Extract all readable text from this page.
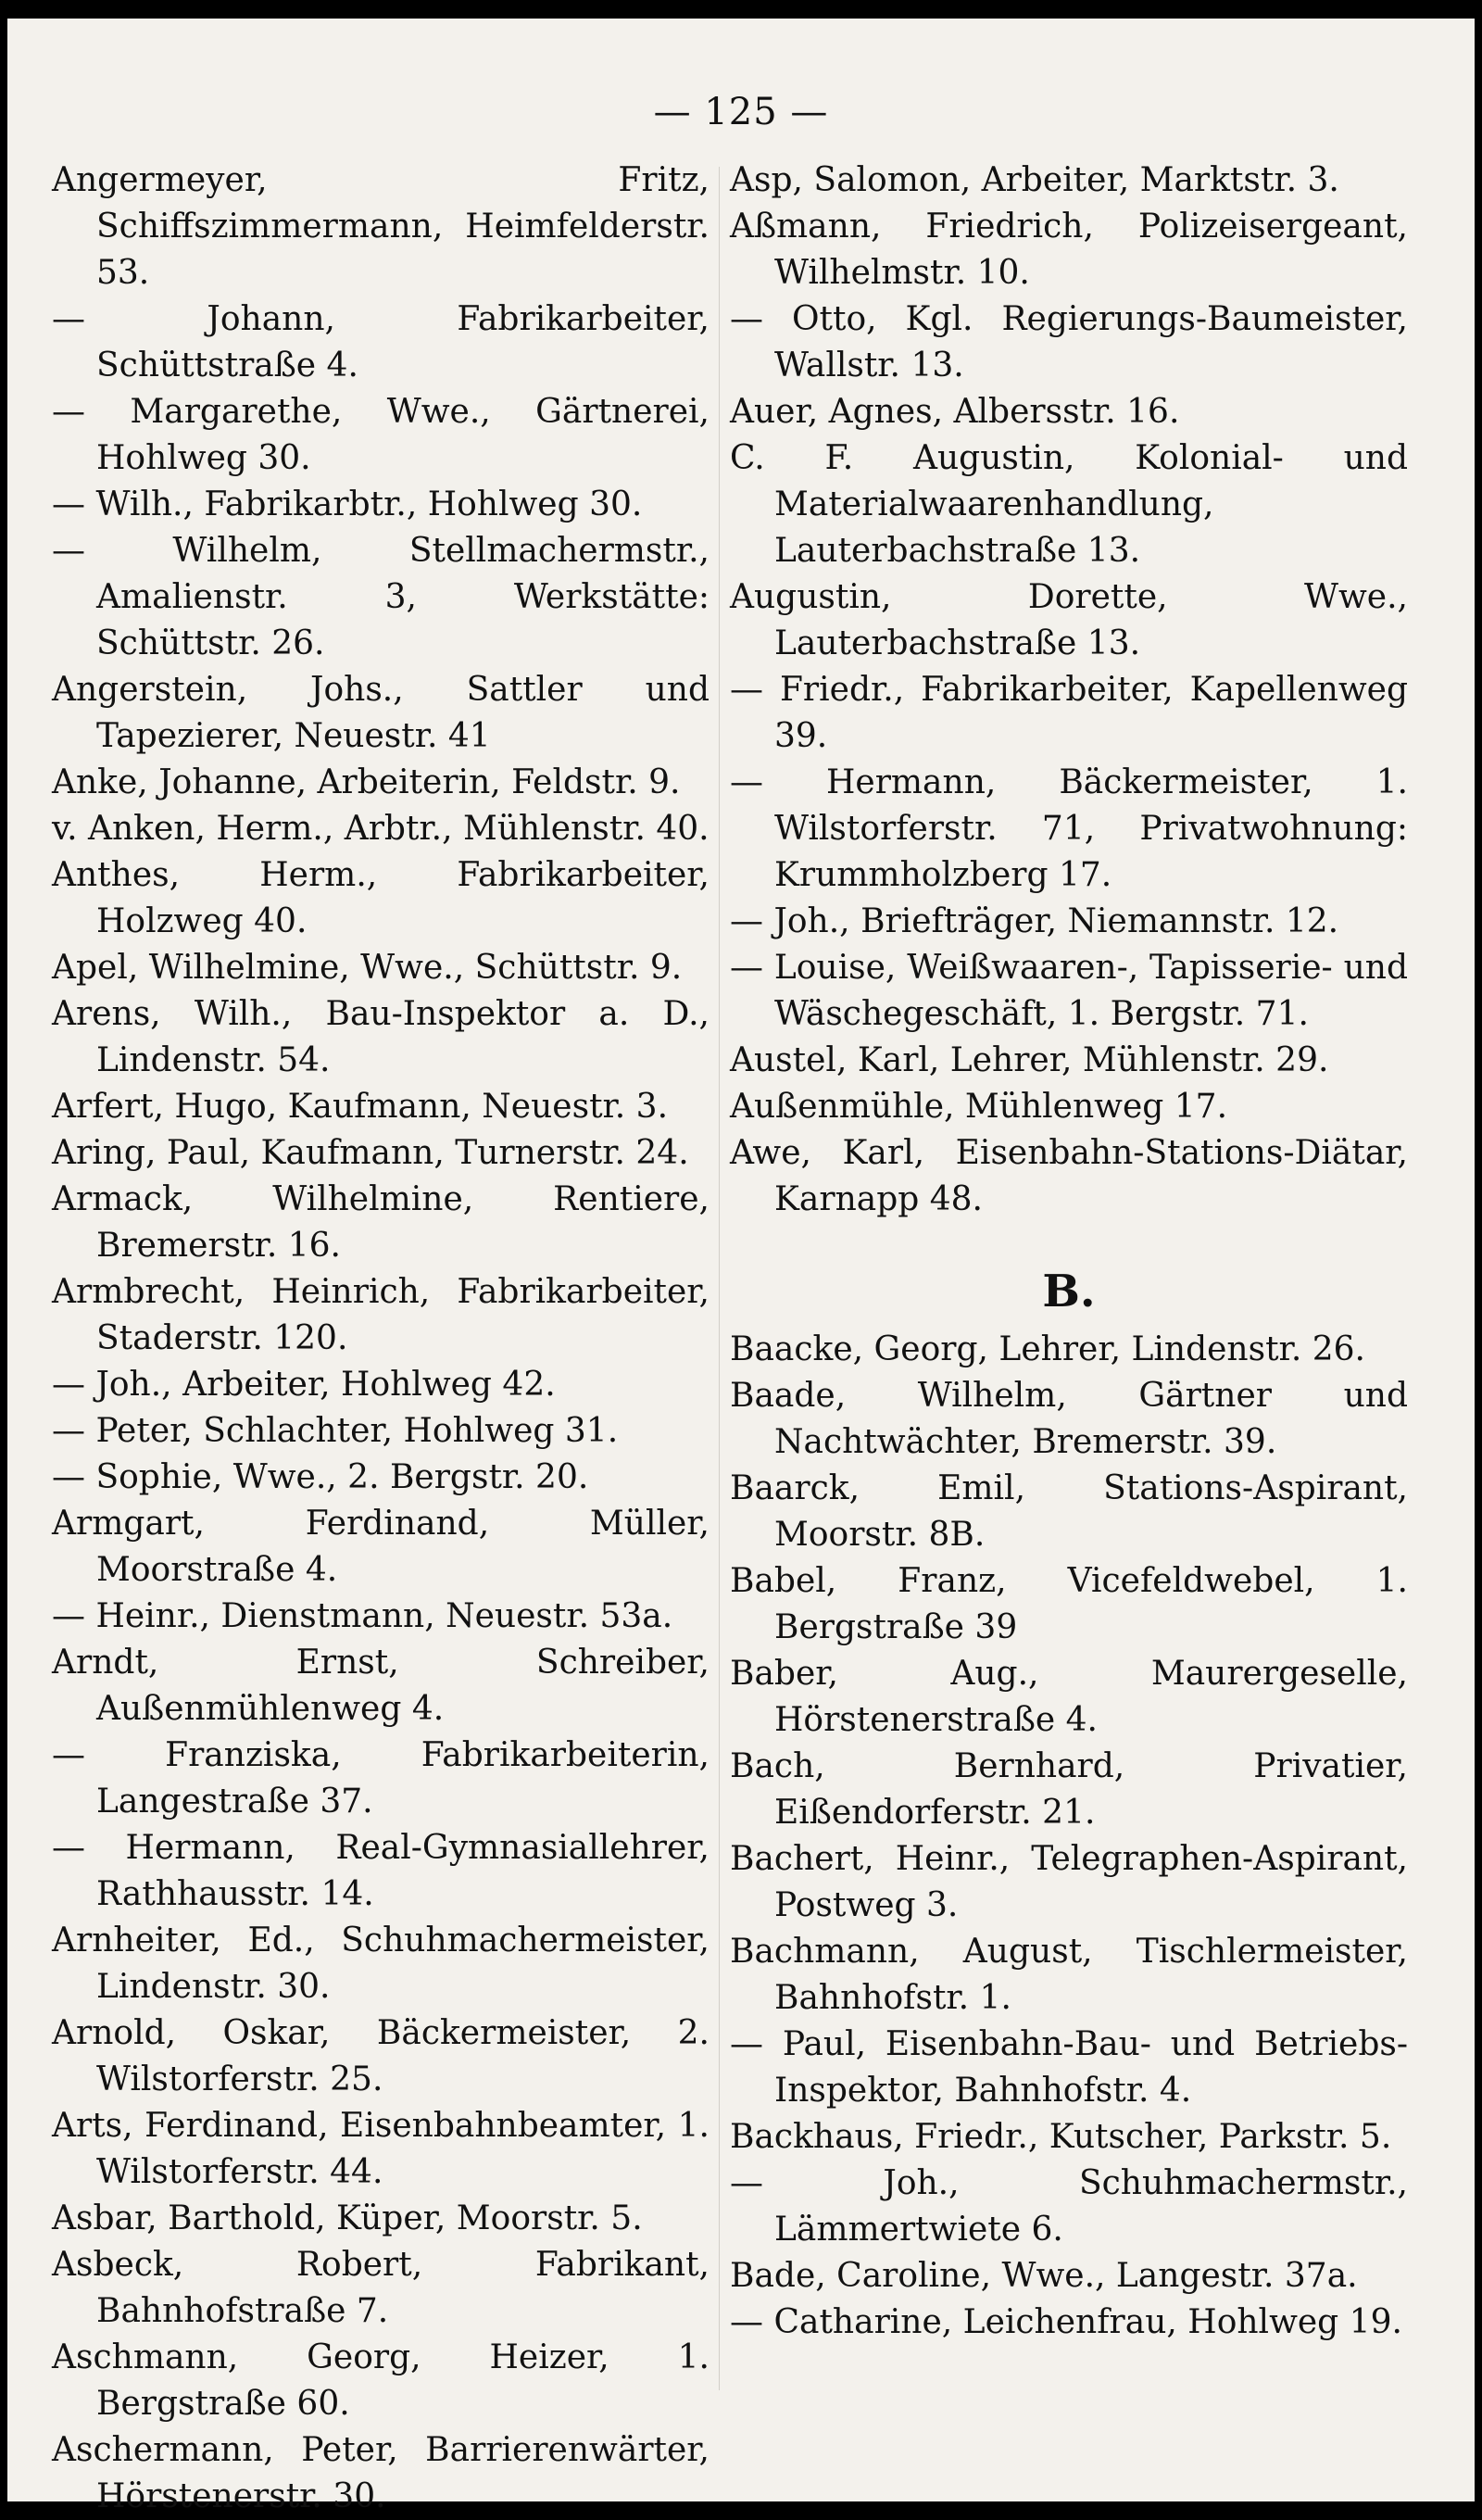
— 125 —
Angermeyer, Fritz, Schiffszimmermann, Heimfelderstr. 53.
— Johann, Fabrikarbeiter, Schüttstraße 4.
— Margarethe, Wwe., Gärtnerei, Hohlweg 30.
— Wilh., Fabrikarbtr., Hohlweg 30.
— Wilhelm, Stellmachermstr., Amalienstr. 3, Werkstätte: Schüttstr. 26.
Angerstein, Johs., Sattler und Tapezierer, Neuestr. 41
Anke, Johanne, Arbeiterin, Feldstr. 9.
v. Anken, Herm., Arbtr., Mühlenstr. 40.
Anthes, Herm., Fabrikarbeiter, Holzweg 40.
Apel, Wilhelmine, Wwe., Schüttstr. 9.
Arens, Wilh., Bau-Inspektor a. D., Lindenstr. 54.
Arfert, Hugo, Kaufmann, Neuestr. 3.
Aring, Paul, Kaufmann, Turnerstr. 24.
Armack, Wilhelmine, Rentiere, Bremerstr. 16.
Armbrecht, Heinrich, Fabrikarbeiter, Staderstr. 120.
— Joh., Arbeiter, Hohlweg 42.
— Peter, Schlachter, Hohlweg 31.
— Sophie, Wwe., 2. Bergstr. 20.
Armgart, Ferdinand, Müller, Moorstraße 4.
— Heinr., Dienstmann, Neuestr. 53a.
Arndt, Ernst, Schreiber, Außenmühlenweg 4.
— Franziska, Fabrikarbeiterin, Langestraße 37.
— Hermann, Real-Gymnasiallehrer, Rathhausstr. 14.
Arnheiter, Ed., Schuhmachermeister, Lindenstr. 30.
Arnold, Oskar, Bäckermeister, 2. Wilstorferstr. 25.
Arts, Ferdinand, Eisenbahnbeamter, 1. Wilstorferstr. 44.
Asbar, Barthold, Küper, Moorstr. 5.
Asbeck, Robert, Fabrikant, Bahnhofstraße 7.
Aschmann, Georg, Heizer, 1. Bergstraße 60.
Aschermann, Peter, Barrierenwärter, Hörstenerstr. 30.
Asp, Salomon, Arbeiter, Marktstr. 3.
Aßmann, Friedrich, Polizeisergeant, Wilhelmstr. 10.
— Otto, Kgl. Regierungs-Baumeister, Wallstr. 13.
Auer, Agnes, Albersstr. 16.
C. F. Augustin, Kolonial- und Materialwaarenhandlung, Lauterbachstraße 13.
Augustin, Dorette, Wwe., Lauterbachstraße 13.
— Friedr., Fabrikarbeiter, Kapellenweg 39.
— Hermann, Bäckermeister, 1. Wilstorferstr. 71, Privatwohnung: Krummholzberg 17.
— Joh., Briefträger, Niemannstr. 12.
— Louise, Weißwaaren-, Tapisserie- und Wäschegeschäft, 1. Bergstr. 71.
Austel, Karl, Lehrer, Mühlenstr. 29.
Außenmühle, Mühlenweg 17.
Awe, Karl, Eisenbahn-Stations-Diätar, Karnapp 48.
B.
Baacke, Georg, Lehrer, Lindenstr. 26.
Baade, Wilhelm, Gärtner und Nachtwächter, Bremerstr. 39.
Baarck, Emil, Stations-Aspirant, Moorstr. 8B.
Babel, Franz, Vicefeldwebel, 1. Bergstraße 39
Baber, Aug., Maurergeselle, Hörstenerstraße 4.
Bach, Bernhard, Privatier, Eißendorferstr. 21.
Bachert, Heinr., Telegraphen-Aspirant, Postweg 3.
Bachmann, August, Tischlermeister, Bahnhofstr. 1.
— Paul, Eisenbahn-Bau- und Betriebs-Inspektor, Bahnhofstr. 4.
Backhaus, Friedr., Kutscher, Parkstr. 5.
— Joh., Schuhmachermstr., Lämmertwiete 6.
Bade, Caroline, Wwe., Langestr. 37a.
— Catharine, Leichenfrau, Hohlweg 19.
